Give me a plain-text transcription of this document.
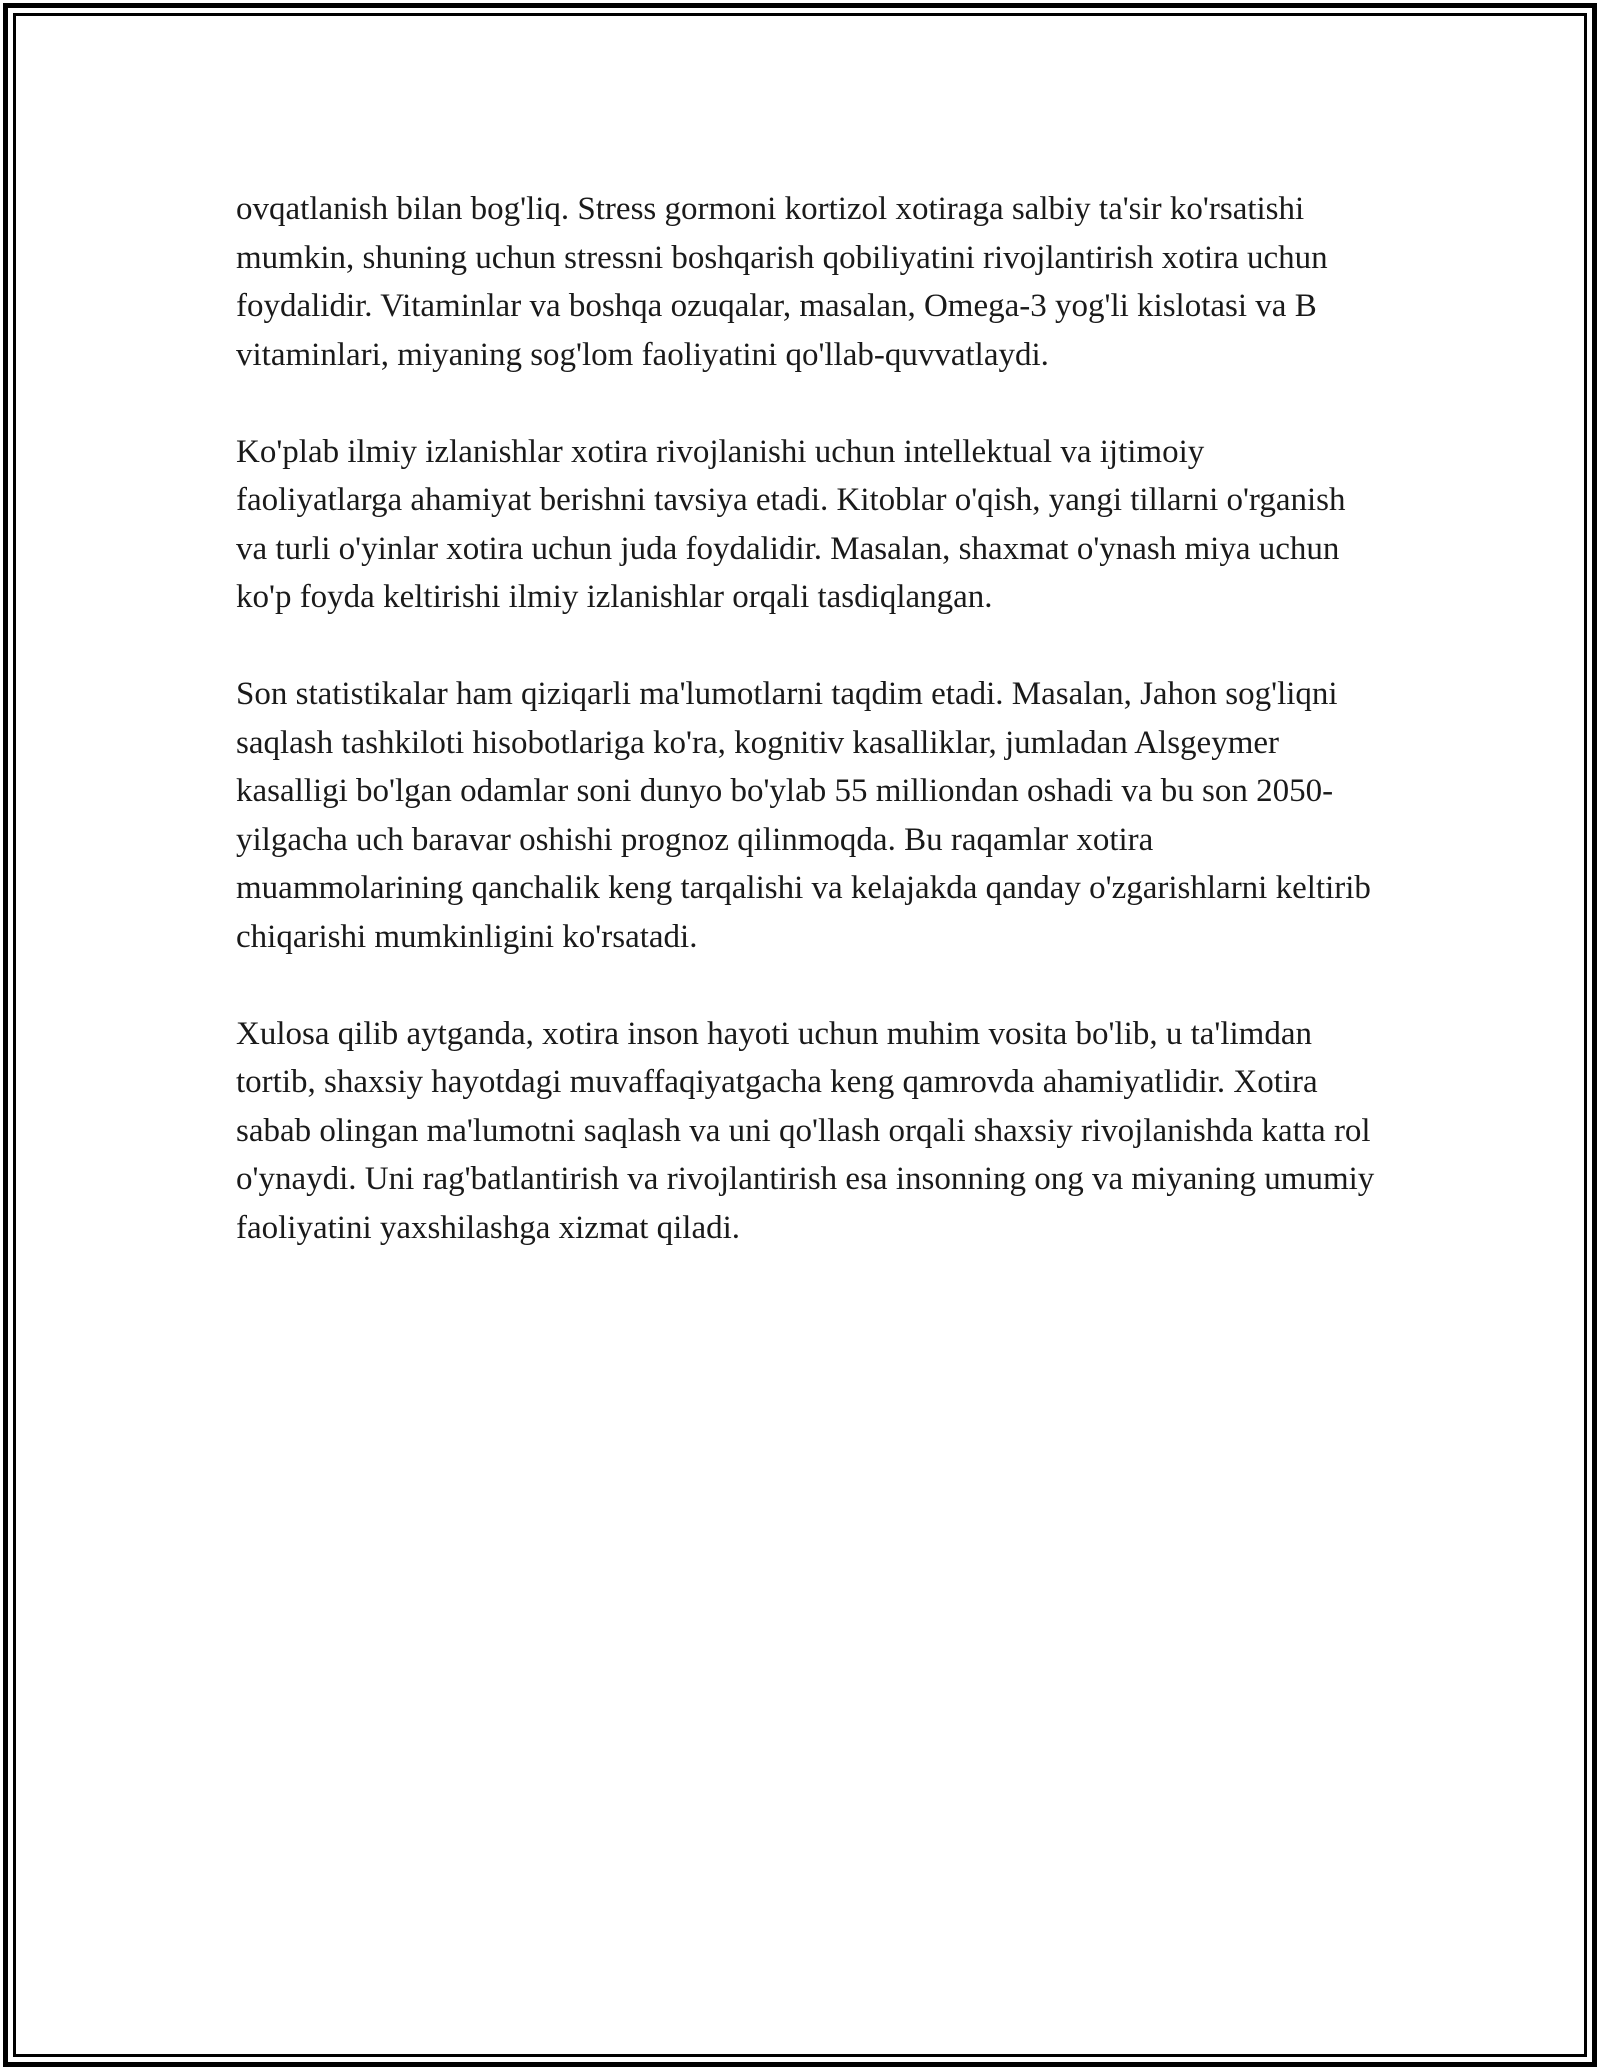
ovqatlanish bilan bog'liq. Stress gormoni kortizol xotiraga salbiy ta'sir ko'rsatishi mumkin, shuning uchun stressni boshqarish qobiliyatini rivojlantirish xotira uchun foydalidir. Vitaminlar va boshqa ozuqalar, masalan, Omega-3 yog'li kislotasi va B vitaminlari, miyaning sog'lom faoliyatini qo'llab-quvvatlaydi.

Ko'plab ilmiy izlanishlar xotira rivojlanishi uchun intellektual va ijtimoiy faoliyatlarga ahamiyat berishni tavsiya etadi. Kitoblar o'qish, yangi tillarni o'rganish va turli o'yinlar xotira uchun juda foydalidir. Masalan, shaxmat o'ynash miya uchun ko'p foyda keltirishi ilmiy izlanishlar orqali tasdiqlangan.

Son statistikalar ham qiziqarli ma'lumotlarni taqdim etadi. Masalan, Jahon sog'liqni saqlash tashkiloti hisobotlariga ko'ra, kognitiv kasalliklar, jumladan Alsgeymer kasalligi bo'lgan odamlar soni dunyo bo'ylab 55 milliondan oshadi va bu son 2050-yilgacha uch baravar oshishi prognoz qilinmoqda. Bu raqamlar xotira muammolarining qanchalik keng tarqalishi va kelajakda qanday o'zgarishlarni keltirib chiqarishi mumkinligini ko'rsatadi.

Xulosa qilib aytganda, xotira inson hayoti uchun muhim vosita bo'lib, u ta'limdan tortib, shaxsiy hayotdagi muvaffaqiyatgacha keng qamrovda ahamiyatlidir. Xotira sabab olingan ma'lumotni saqlash va uni qo'llash orqali shaxsiy rivojlanishda katta rol o'ynaydi. Uni rag'batlantirish va rivojlantirish esa insonning ong va miyaning umumiy faoliyatini yaxshilashga xizmat qiladi.
